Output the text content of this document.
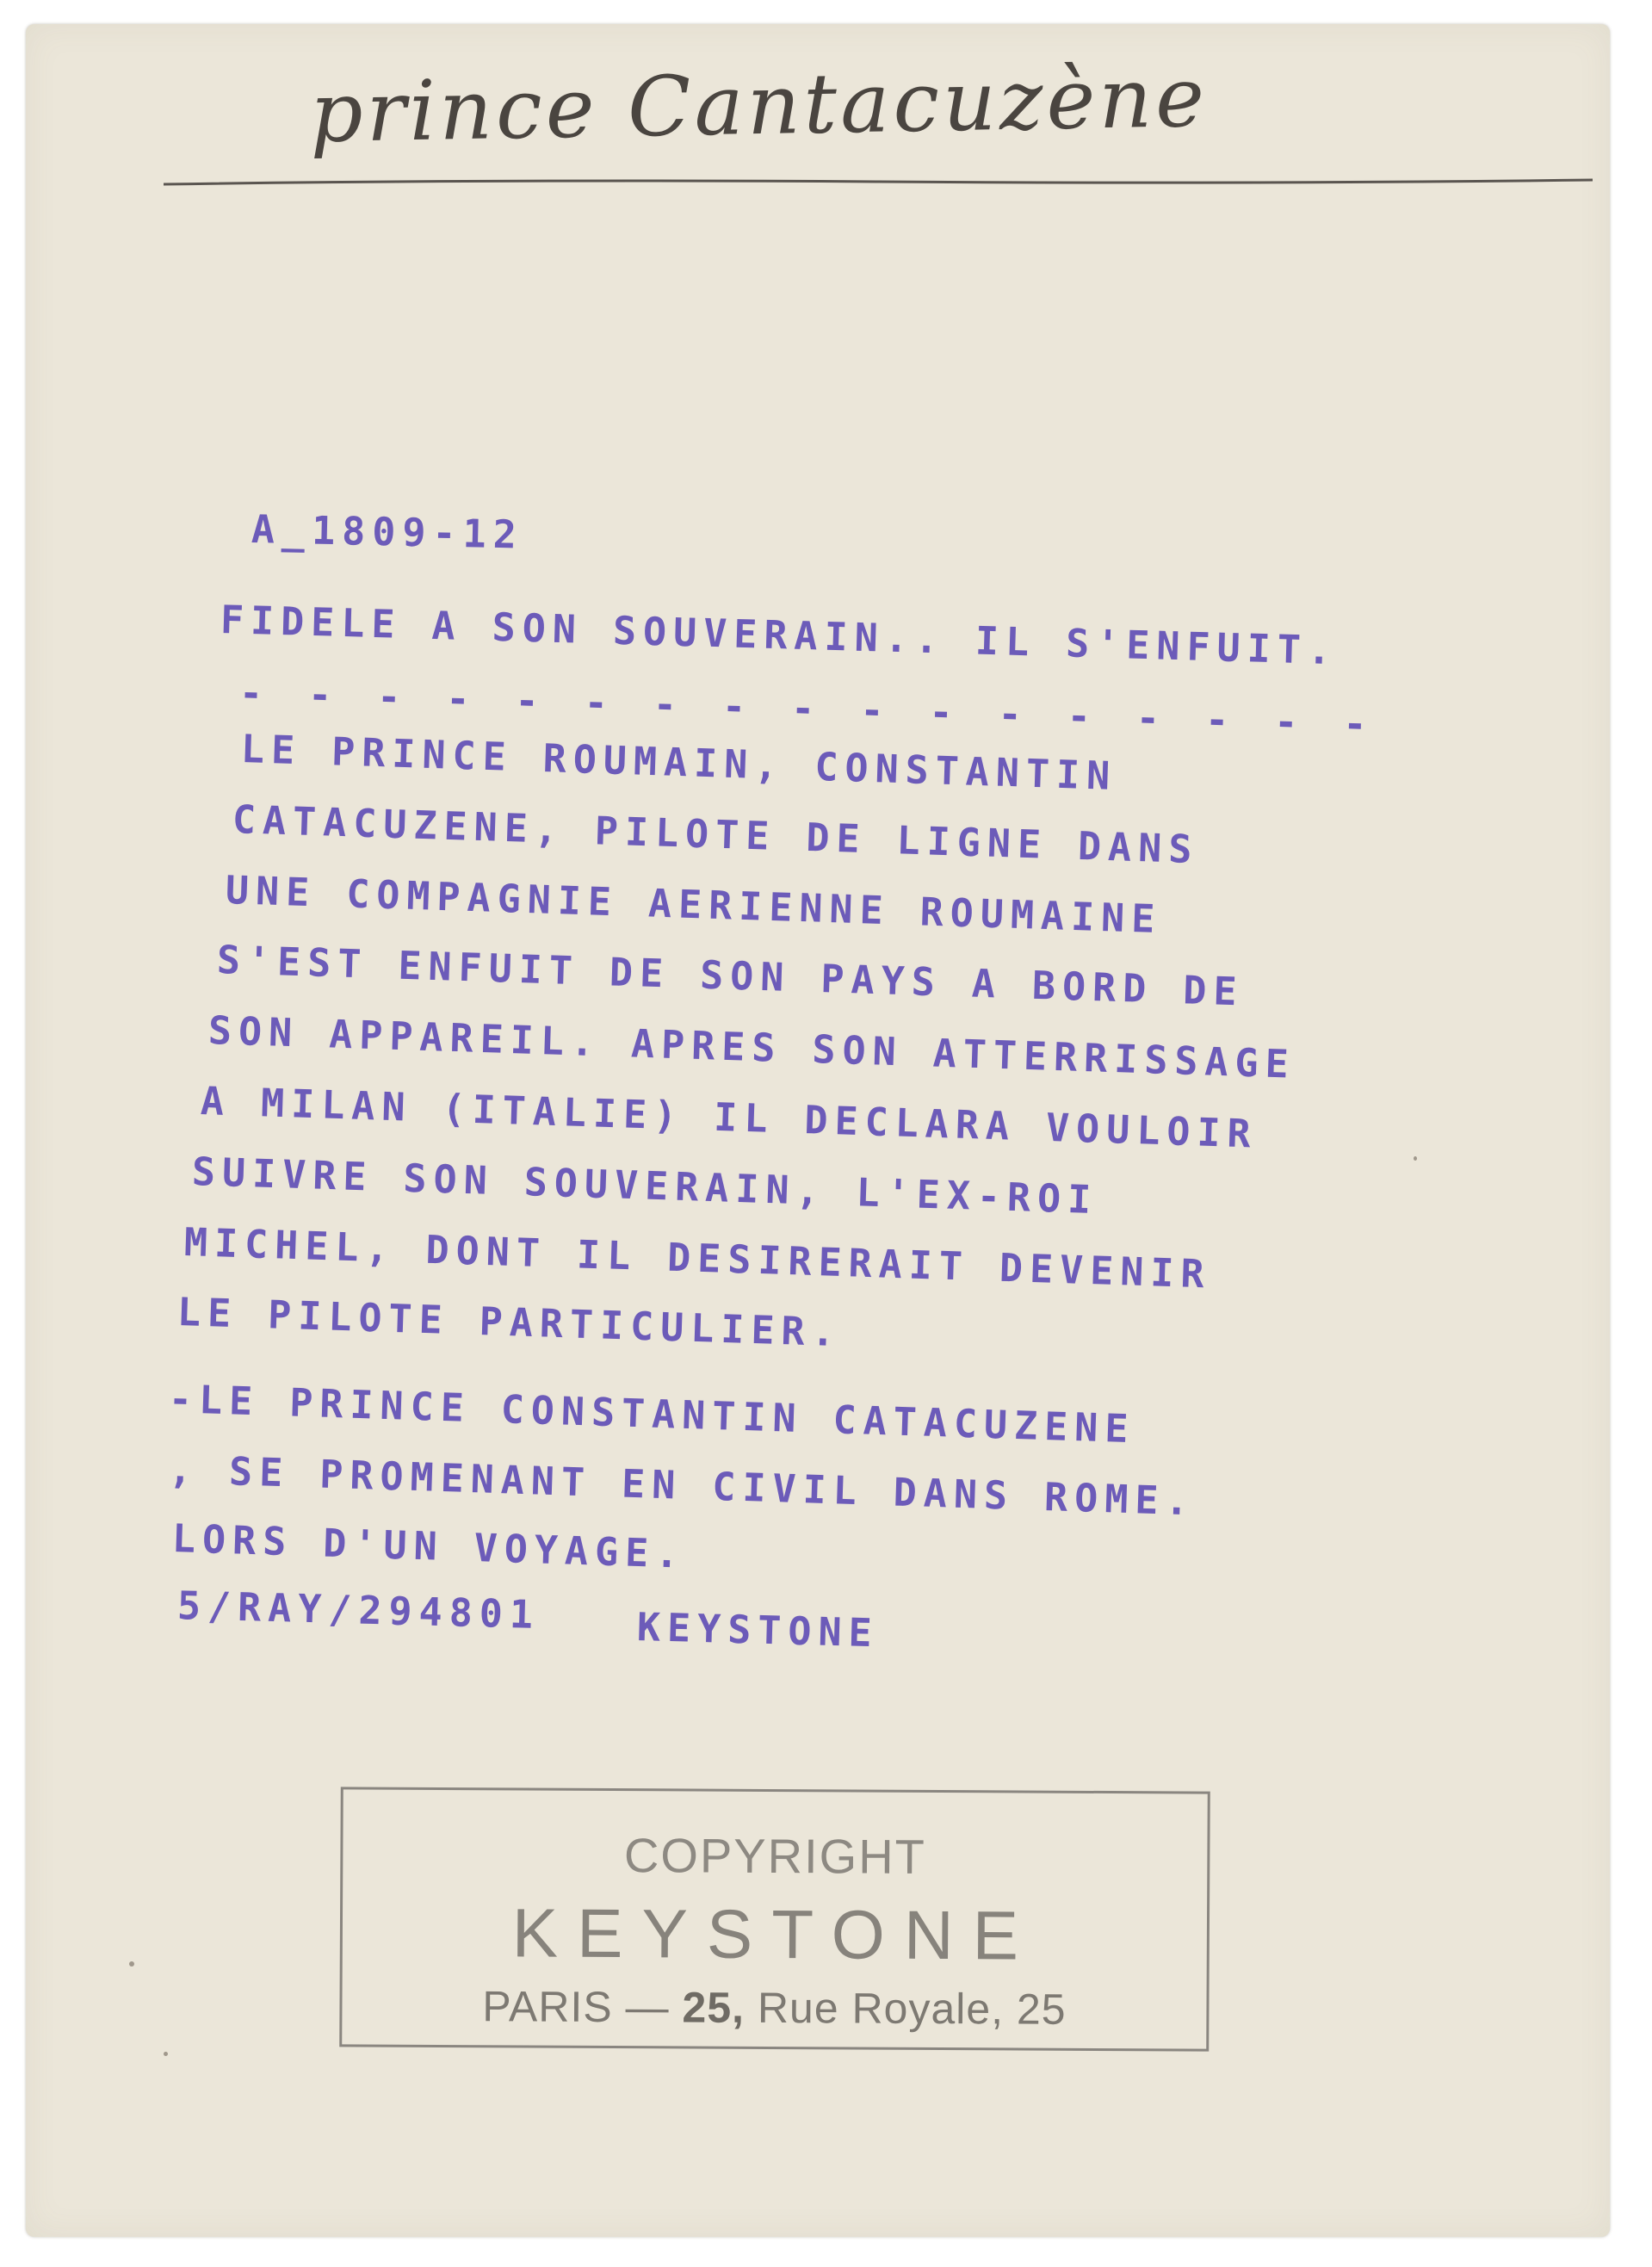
prince Cantacuzène
A_1809-12
FIDELE A SON SOUVERAIN.. IL S'ENFUIT.
- - - - - - - - - - - - - - - - -
LE PRINCE ROUMAIN, CONSTANTIN
CATACUZENE, PILOTE DE LIGNE DANS
UNE COMPAGNIE AERIENNE ROUMAINE
S'EST ENFUIT DE SON PAYS A BORD DE
SON APPAREIL. APRES SON ATTERRISSAGE
A MILAN (ITALIE) IL DECLARA VOULOIR
SUIVRE SON SOUVERAIN, L'EX-ROI
MICHEL, DONT IL DESIRERAIT DEVENIR
LE PILOTE PARTICULIER.
-LE PRINCE CONSTANTIN CATACUZENE
, SE PROMENANT EN CIVIL DANS ROME.
LORS D'UN VOYAGE.
5/RAY/294801 KEYSTONE
COPYRIGHT
KEYSTONE
PARIS — 25, Rue Royale, 25
